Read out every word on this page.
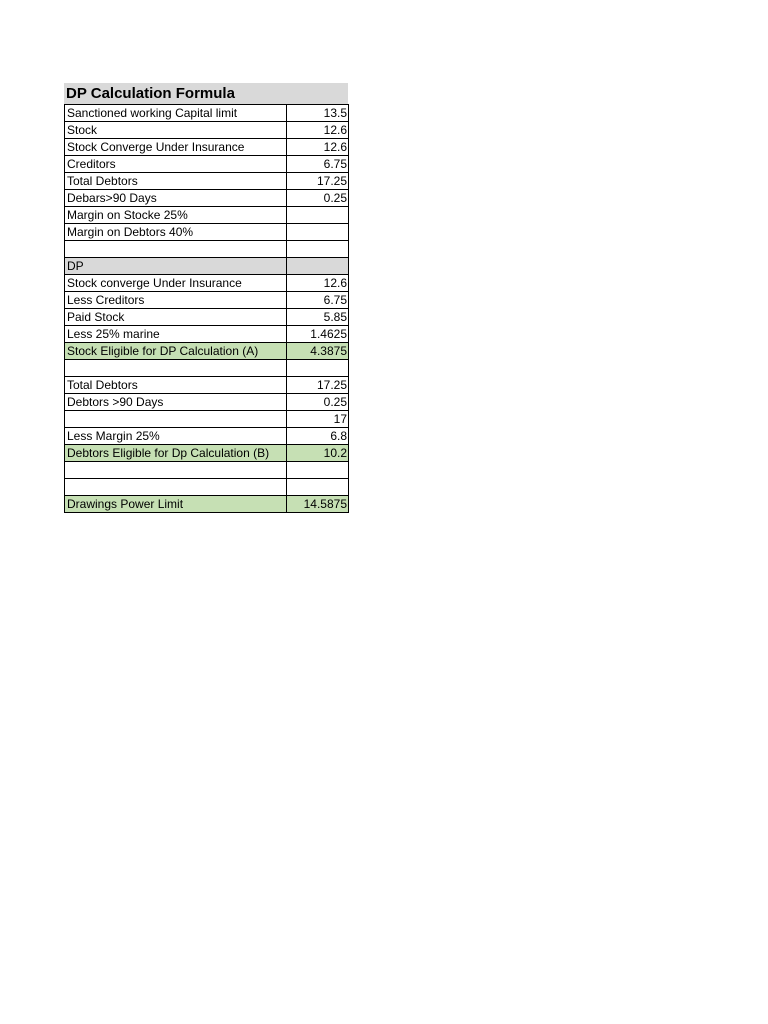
DP Calculation Formula
Sanctioned working Capital limit	13.5
Stock	12.6
Stock Converge Under Insurance	12.6
Creditors	6.75
Total Debtors	17.25
Debars>90 Days	0.25
Margin on Stocke 25%	
Margin on Debtors 40%	

DP	
Stock converge Under Insurance	12.6
Less Creditors	6.75
Paid Stock	5.85
Less 25% marine	1.4625
Stock Eligible for DP Calculation (A)	4.3875

Total Debtors	17.25
Debtors >90 Days	0.25
	17
Less Margin 25%	6.8
Debtors Eligible for Dp Calculation (B)	10.2

Drawings Power Limit	14.5875
